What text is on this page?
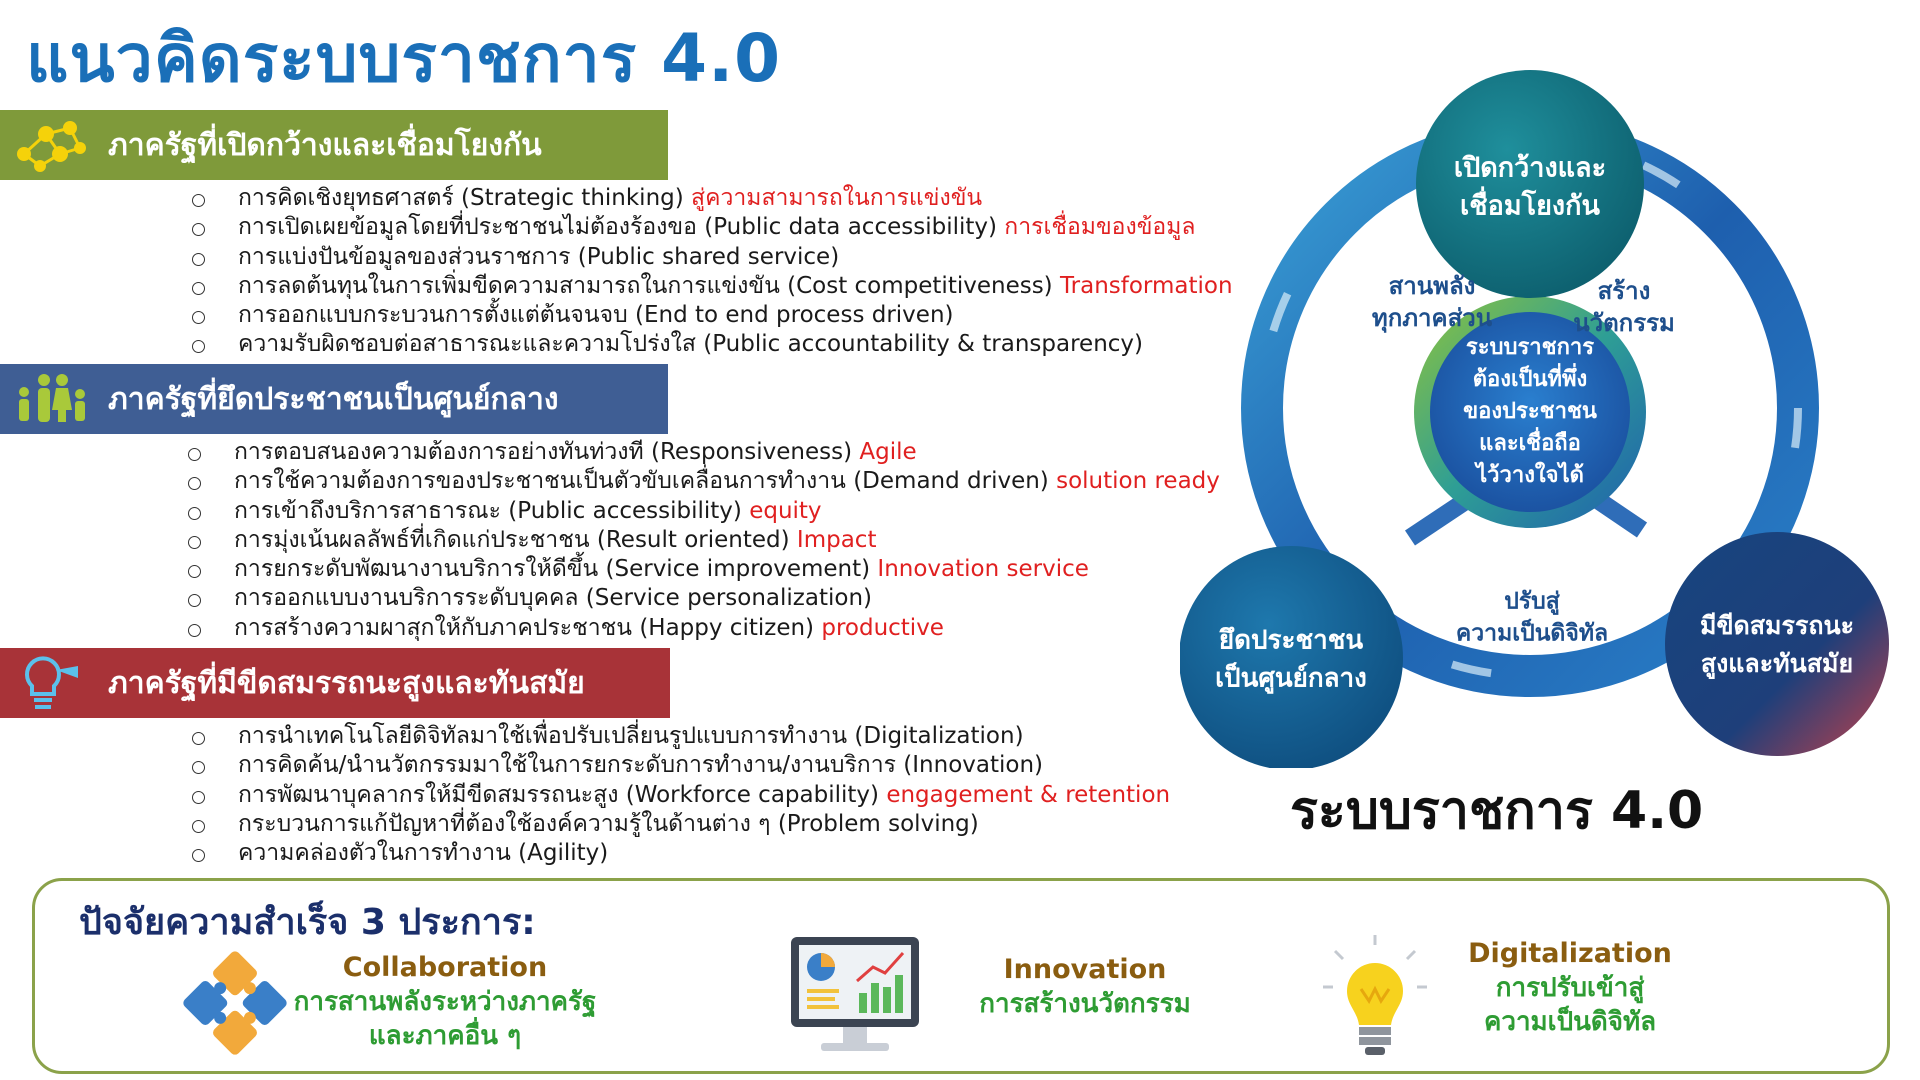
แนวคิดระบบราชการ 4.0
ภาครัฐที่เปิดกว้างและเชื่อมโยงกัน
การคิดเชิงยุทธศาสตร์ (Strategic thinking) สู่ความสามารถในการแข่งขัน
การเปิดเผยข้อมูลโดยที่ประชาชนไม่ต้องร้องขอ (Public data accessibility) การเชื่อมของข้อมูล
การแบ่งปันข้อมูลของส่วนราชการ (Public shared service)
การลดต้นทุนในการเพิ่มขีดความสามารถในการแข่งขัน (Cost competitiveness) Transformation
การออกแบบกระบวนการตั้งแต่ต้นจนจบ (End to end process driven)
ความรับผิดชอบต่อสาธารณะและความโปร่งใส (Public accountability & transparency)
ภาครัฐที่ยึดประชาชนเป็นศูนย์กลาง
การตอบสนองความต้องการอย่างทันท่วงที (Responsiveness) Agile
การใช้ความต้องการของประชาชนเป็นตัวขับเคลื่อนการทำงาน (Demand driven) solution ready
การเข้าถึงบริการสาธารณะ (Public accessibility) equity
การมุ่งเน้นผลลัพธ์ที่เกิดแก่ประชาชน (Result oriented) Impact
การยกระดับพัฒนางานบริการให้ดีขึ้น (Service improvement) Innovation service
การออกแบบงานบริการระดับบุคคล (Service personalization)
การสร้างความผาสุกให้กับภาคประชาชน (Happy citizen) productive
ภาครัฐที่มีขีดสมรรถนะสูงและทันสมัย
การนำเทคโนโลยีดิจิทัลมาใช้เพื่อปรับเปลี่ยนรูปแบบการทำงาน (Digitalization)
การคิดค้น/นำนวัตกรรมมาใช้ในการยกระดับการทำงาน/งานบริการ (Innovation)
การพัฒนาบุคลากรให้มีขีดสมรรถนะสูง (Workforce capability) engagement & retention
กระบวนการแก้ปัญหาที่ต้องใช้องค์ความรู้ในด้านต่าง ๆ (Problem solving)
ความคล่องตัวในการทำงาน (Agility)
ระบบราชการ
ต้องเป็นที่พึ่ง
ของประชาชน
และเชื่อถือ
ไว้วางใจได้
เปิดกว้างและ
เชื่อมโยงกัน
ยึดประชาชน
เป็นศูนย์กลาง
มีขีดสมรรถนะ
สูงและทันสมัย
สานพลัง
ทุกภาคส่วน
สร้าง
นวัตกรรม
ปรับสู่
ความเป็นดิจิทัล
ระบบราชการ 4.0
ปัจจัยความสำเร็จ 3 ประการ:
Collaboration
การสานพลังระหว่างภาครัฐ
และภาคอื่น ๆ
Innovation
การสร้างนวัตกรรม
Digitalization
การปรับเข้าสู่
ความเป็นดิจิทัล
